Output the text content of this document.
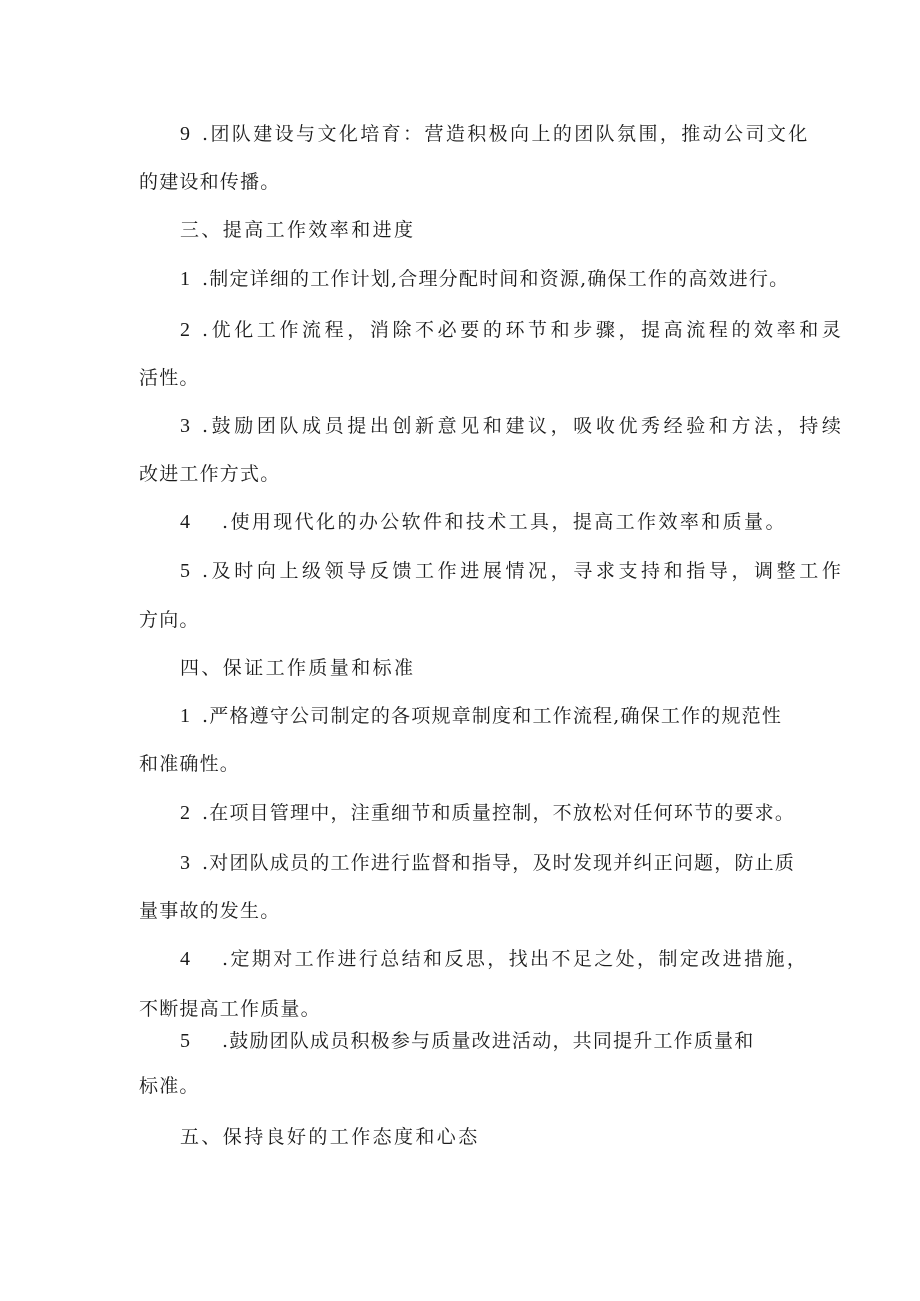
9 .团队建设与文化培育：营造积极向上的团队氛围，推动公司文化
的建设和传播。
三、提高工作效率和进度
1 .制定详细的工作计划,合理分配时间和资源,确保工作的高效进行。
2 .优化工作流程，消除不必要的环节和步骤，提高流程的效率和灵
活性。
3 .鼓励团队成员提出创新意见和建议，吸收优秀经验和方法，持续
改进工作方式。
4 .使用现代化的办公软件和技术工具，提高工作效率和质量。
5 .及时向上级领导反馈工作进展情况，寻求支持和指导，调整工作
方向。
四、保证工作质量和标准
1 .严格遵守公司制定的各项规章制度和工作流程,确保工作的规范性
和准确性。
2 .在项目管理中，注重细节和质量控制，不放松对任何环节的要求。
3 .对团队成员的工作进行监督和指导，及时发现并纠正问题，防止质
量事故的发生。
4 .定期对工作进行总结和反思，找出不足之处，制定改进措施，
不断提高工作质量。
5 .鼓励团队成员积极参与质量改进活动，共同提升工作质量和
标准。
五、保持良好的工作态度和心态
